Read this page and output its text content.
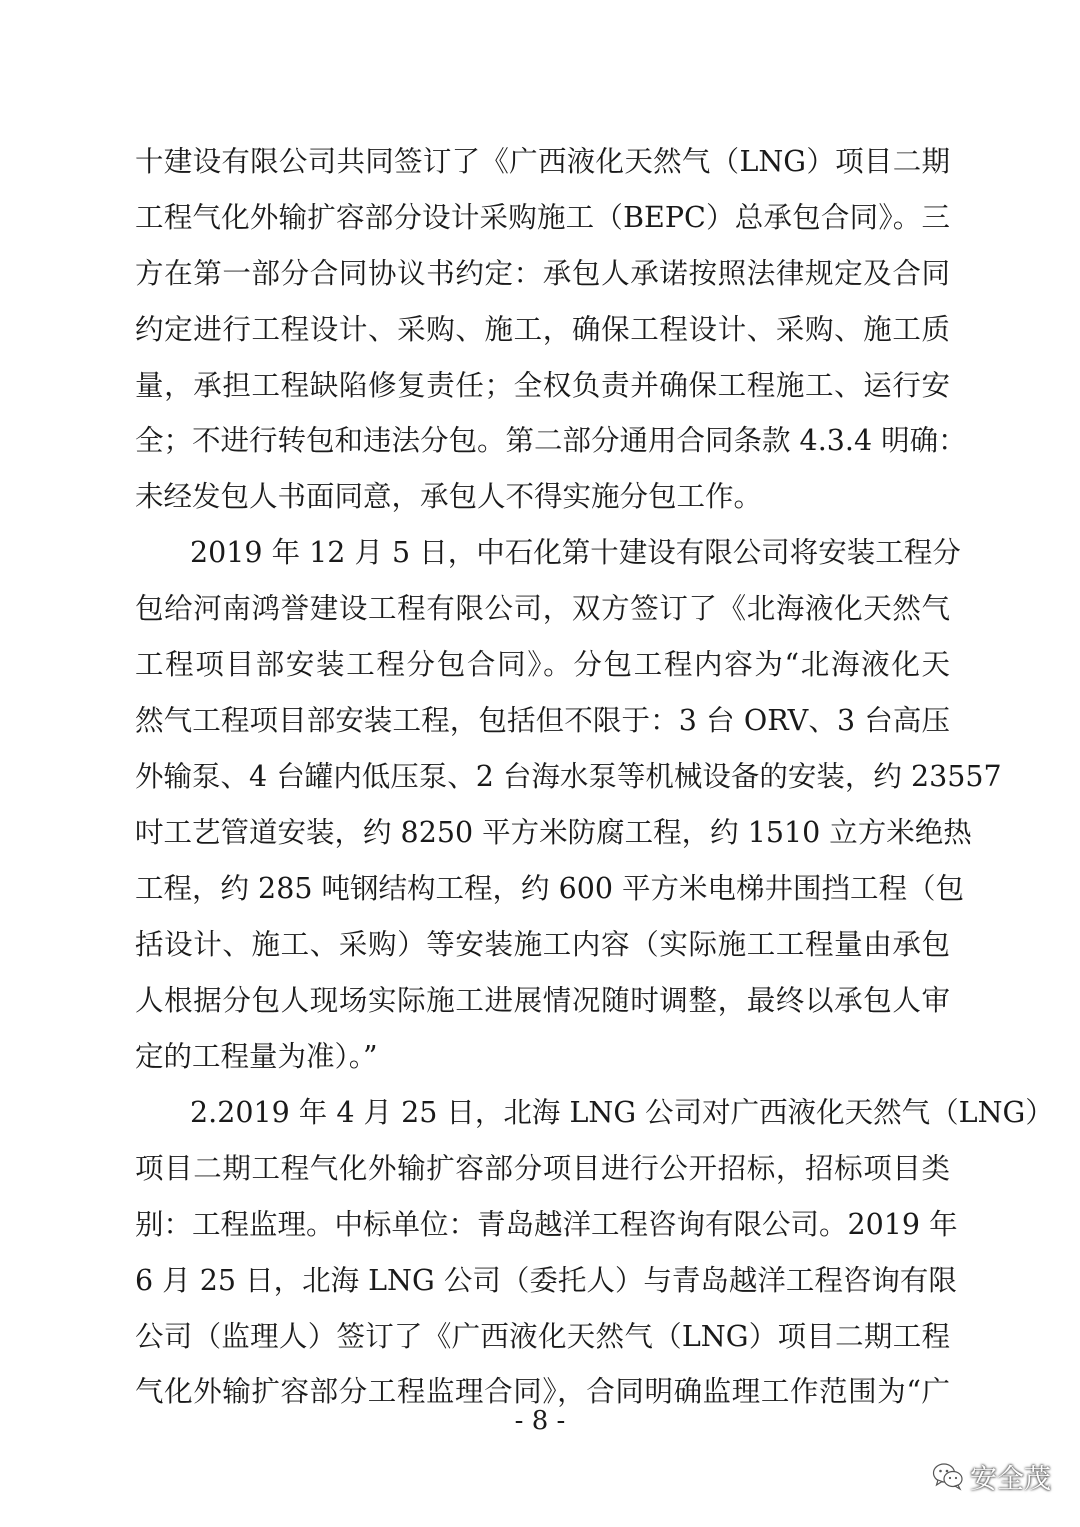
十建设有限公司共同签订了《广西液化天然气（LNG）项目二期
工程气化外输扩容部分设计采购施工（BEPC）总承包合同》。三
方在第一部分合同协议书约定：承包人承诺按照法律规定及合同
约定进行工程设计、采购、施工，确保工程设计、采购、施工质
量，承担工程缺陷修复责任；全权负责并确保工程施工、运行安
全；不进行转包和违法分包。第二部分通用合同条款 4.3.4 明确：
未经发包人书面同意，承包人不得实施分包工作。
2019 年 12 月 5 日，中石化第十建设有限公司将安装工程分
包给河南鸿誉建设工程有限公司，双方签订了《北海液化天然气
工程项目部安装工程分包合同》。分包工程内容为“北海液化天
然气工程项目部安装工程，包括但不限于：3 台 ORV、3 台高压
外输泵、4 台罐内低压泵、2 台海水泵等机械设备的安装，约 23557
吋工艺管道安装，约 8250 平方米防腐工程，约 1510 立方米绝热
工程，约 285 吨钢结构工程，约 600 平方米电梯井围挡工程（包
括设计、施工、采购）等安装施工内容（实际施工工程量由承包
人根据分包人现场实际施工进展情况随时调整，最终以承包人审
定的工程量为准）。”
2.2019 年 4 月 25 日，北海 LNG 公司对广西液化天然气（LNG）
项目二期工程气化外输扩容部分项目进行公开招标，招标项目类
别：工程监理。中标单位：青岛越洋工程咨询有限公司。2019 年
6 月 25 日，北海 LNG 公司（委托人）与青岛越洋工程咨询有限
公司（监理人）签订了《广西液化天然气（LNG）项目二期工程
气化外输扩容部分工程监理合同》，合同明确监理工作范围为“广
- 8 -
安全茂
